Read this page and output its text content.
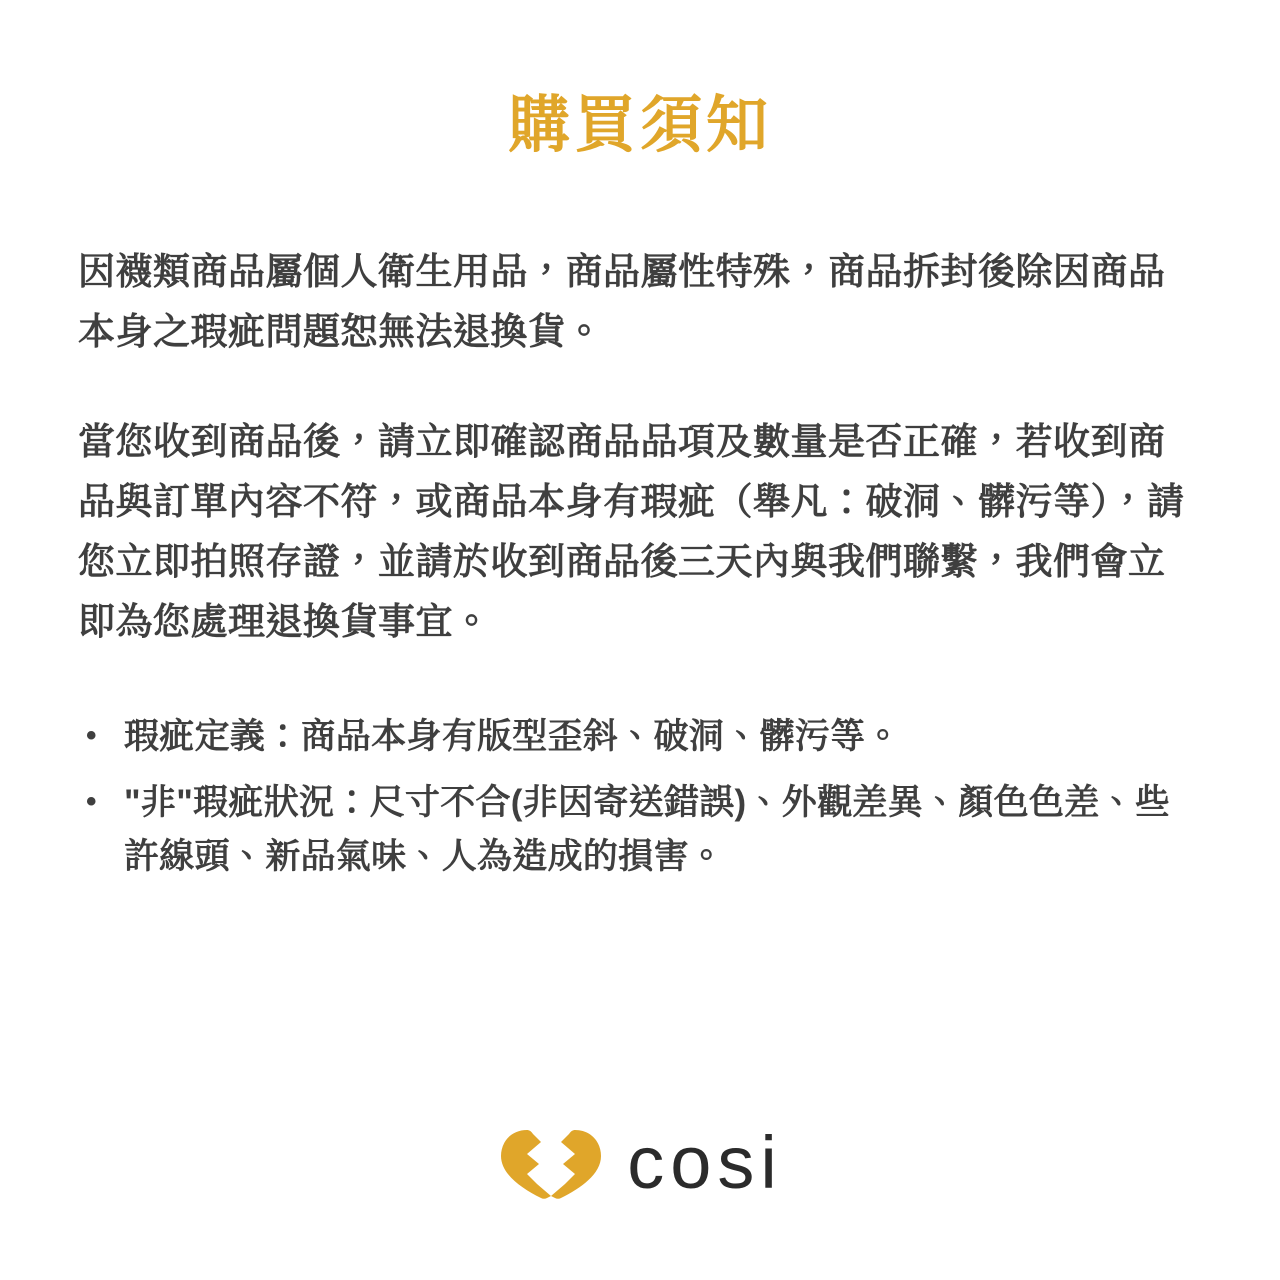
購買須知

因襪類商品屬個人衛生用品，商品屬性特殊，商品拆封後除因商品本身之瑕疵問題恕無法退換貨。

當您收到商品後，請立即確認商品品項及數量是否正確，若收到商品與訂單內容不符，或商品本身有瑕疵（舉凡：破洞、髒污等），請您立即拍照存證，並請於收到商品後三天內與我們聯繫，我們會立即為您處理退換貨事宜。

• 瑕疵定義：商品本身有版型歪斜、破洞、髒污等。
• "非"瑕疵狀況：尺寸不合(非因寄送錯誤)、外觀差異、顏色色差、些許線頭、新品氣味、人為造成的損害。
cosi
